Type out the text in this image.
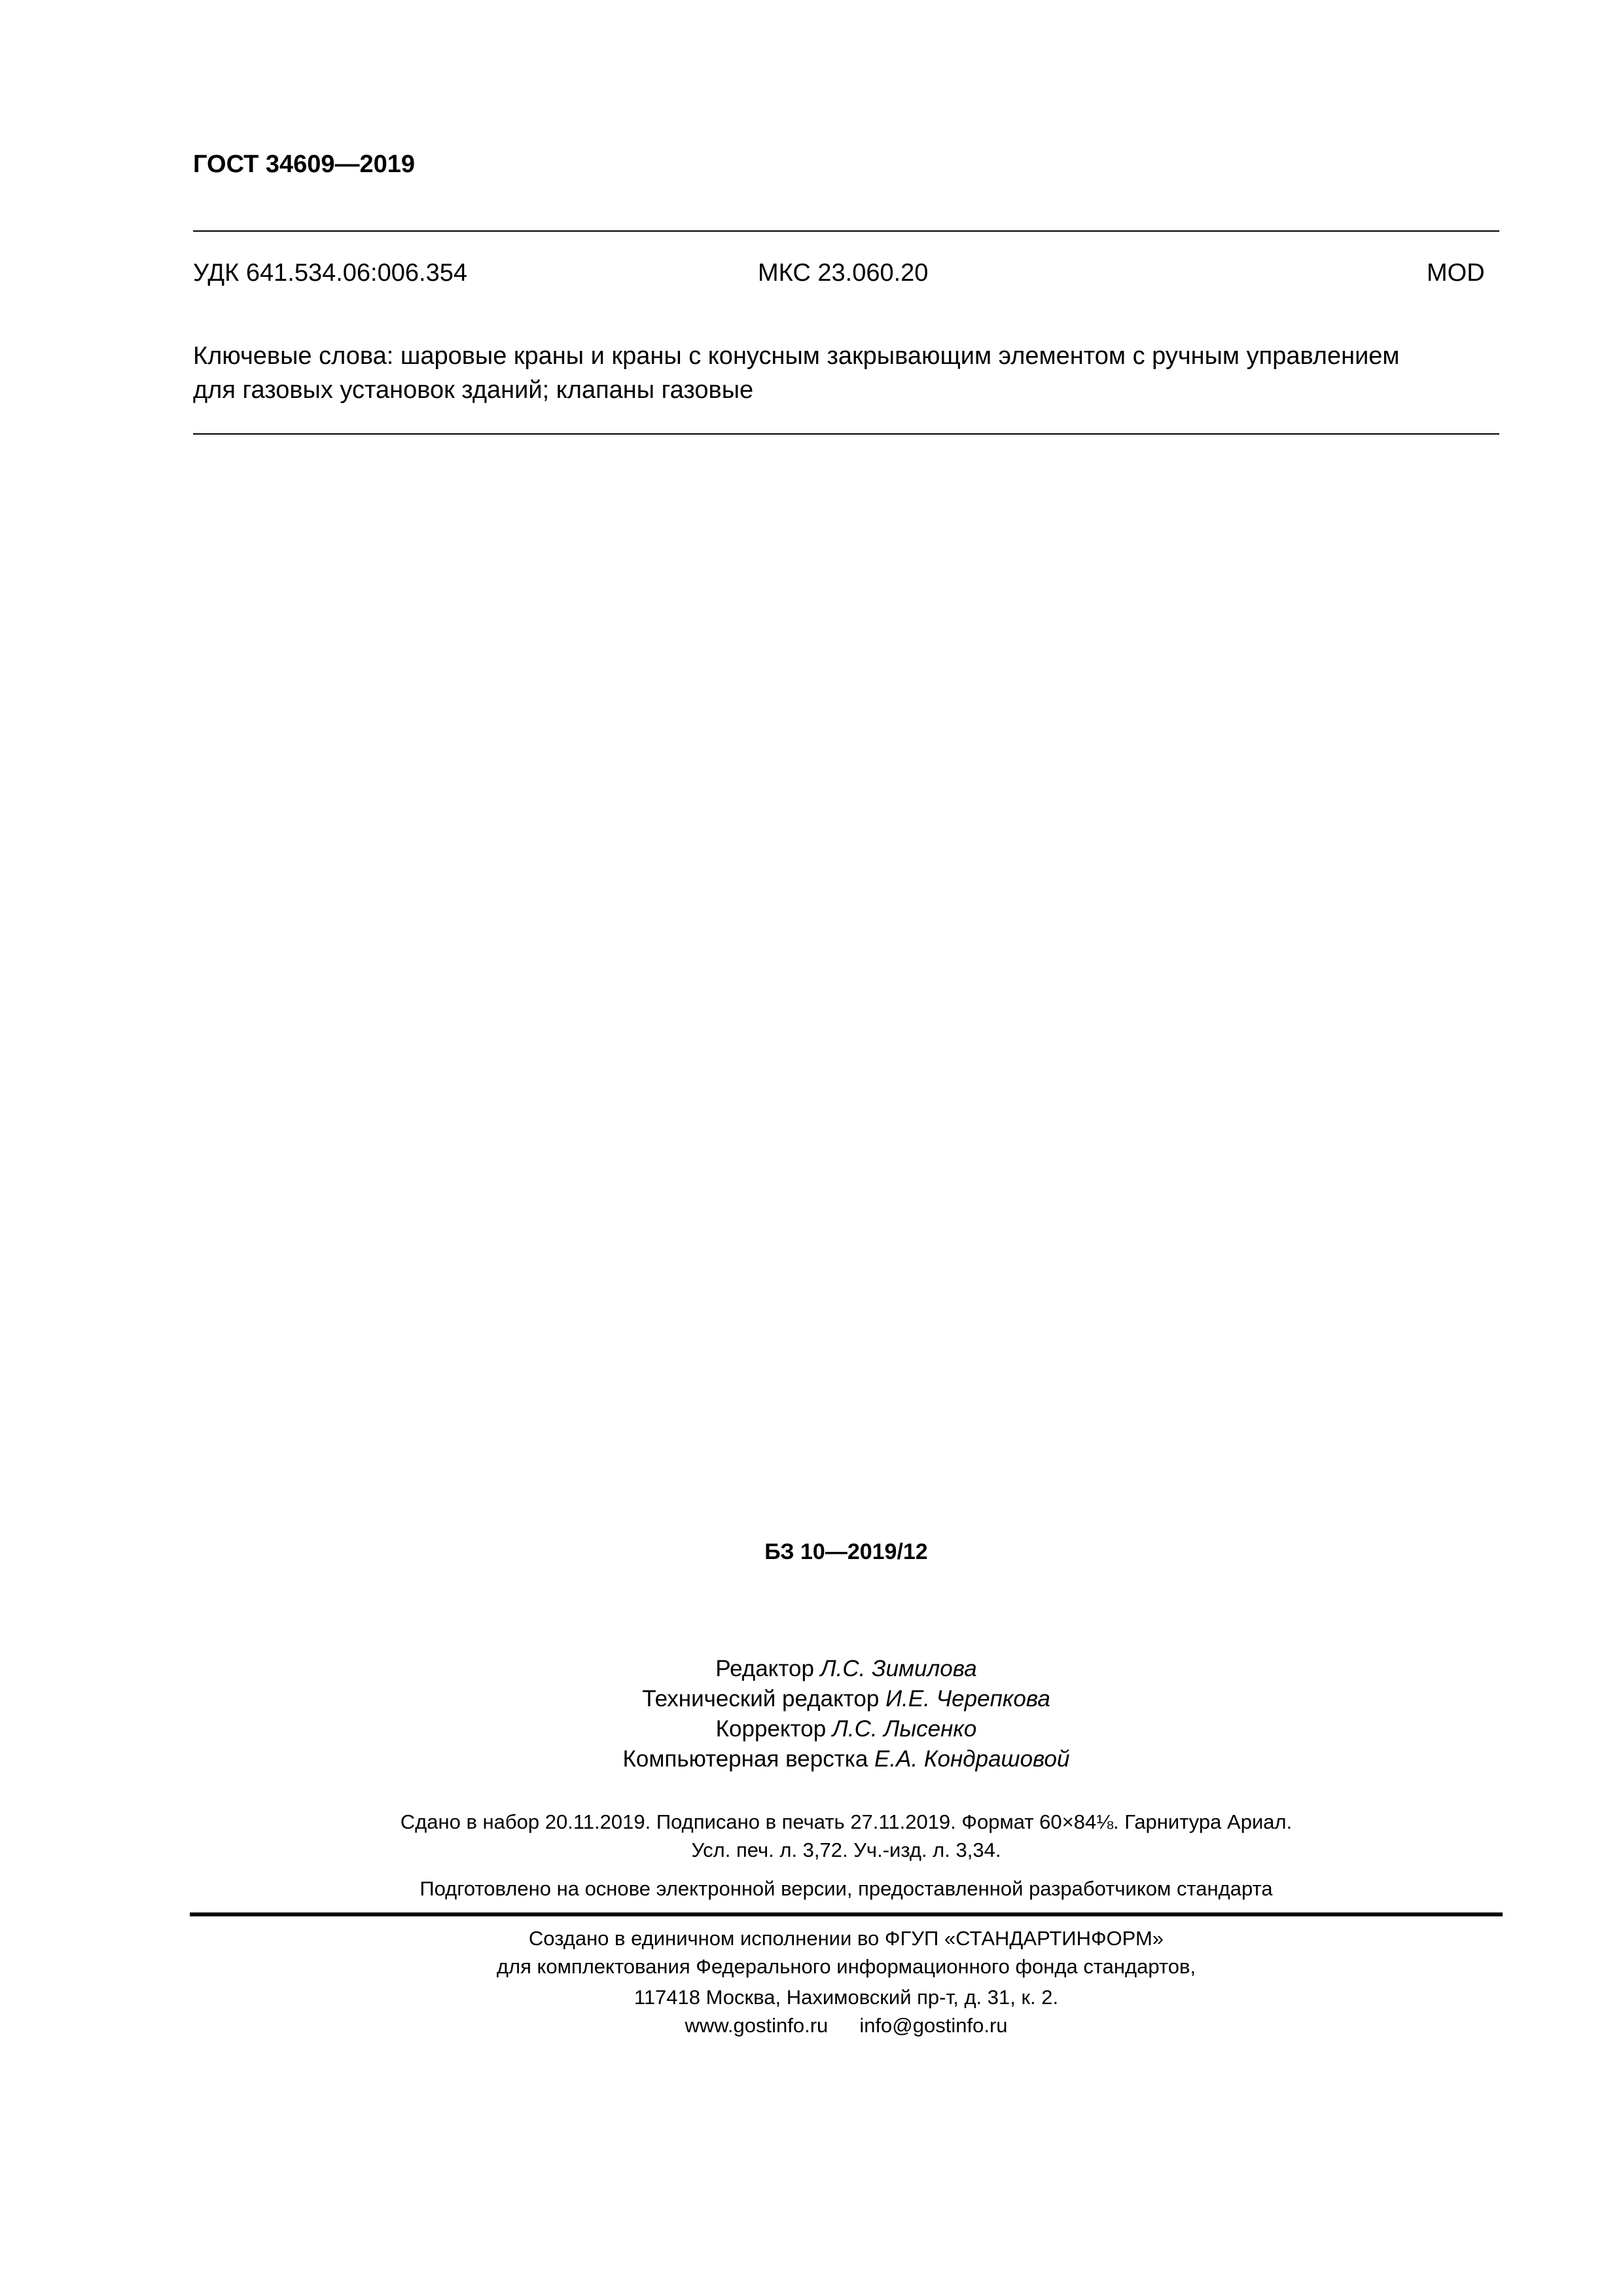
ГОСТ 34609—2019
УДК 641.534.06:006.354	МКС 23.060.20	MOD
Ключевые слова: шаровые краны и краны с конусным закрывающим элементом с ручным управлением
для газовых установок зданий; клапаны газовые
БЗ 10—2019/12
Редактор Л.С. Зимилова
Технический редактор И.Е. Черепкова
Корректор Л.С. Лысенко
Компьютерная верстка Е.А. Кондрашовой
Сдано в набор 20.11.2019. Подписано в печать 27.11.2019. Формат 60×84⅛. Гарнитура Ариал.
Усл. печ. л. 3,72. Уч.-изд. л. 3,34.
Подготовлено на основе электронной версии, предоставленной разработчиком стандарта
Создано в единичном исполнении во ФГУП «СТАНДАРТИНФОРМ»
для комплектования Федерального информационного фонда стандартов,
117418 Москва, Нахимовский пр-т, д. 31, к. 2.
www.gostinfo.ru info@gostinfo.ru
